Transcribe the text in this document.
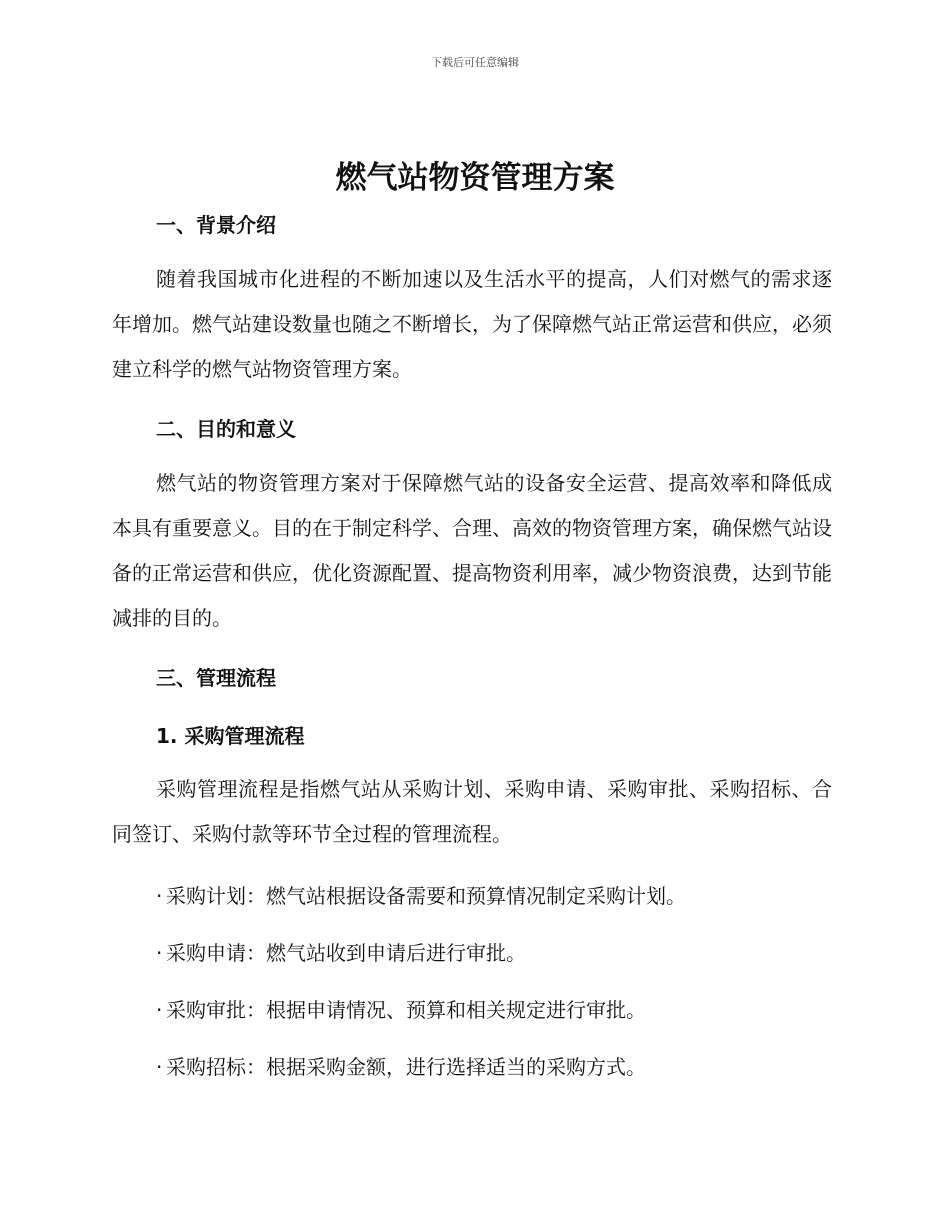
下载后可任意编辑
燃气站物资管理方案
一、背景介绍

随着我国城市化进程的不断加速以及生活水平的提高，人们对燃气的需求逐年增加。燃气站建设数量也随之不断增长，为了保障燃气站正常运营和供应，必须建立科学的燃气站物资管理方案。

二、目的和意义

燃气站的物资管理方案对于保障燃气站的设备安全运营、提高效率和降低成本具有重要意义。目的在于制定科学、合理、高效的物资管理方案，确保燃气站设备的正常运营和供应，优化资源配置、提高物资利用率，减少物资浪费，达到节能减排的目的。

三、管理流程
1. 采购管理流程

采购管理流程是指燃气站从采购计划、采购申请、采购审批、采购招标、合同签订、采购付款等环节全过程的管理流程。

· 采购计划：燃气站根据设备需要和预算情况制定采购计划。
· 采购申请：燃气站收到申请后进行审批。
· 采购审批：根据申请情况、预算和相关规定进行审批。
· 采购招标：根据采购金额，进行选择适当的采购方式。
